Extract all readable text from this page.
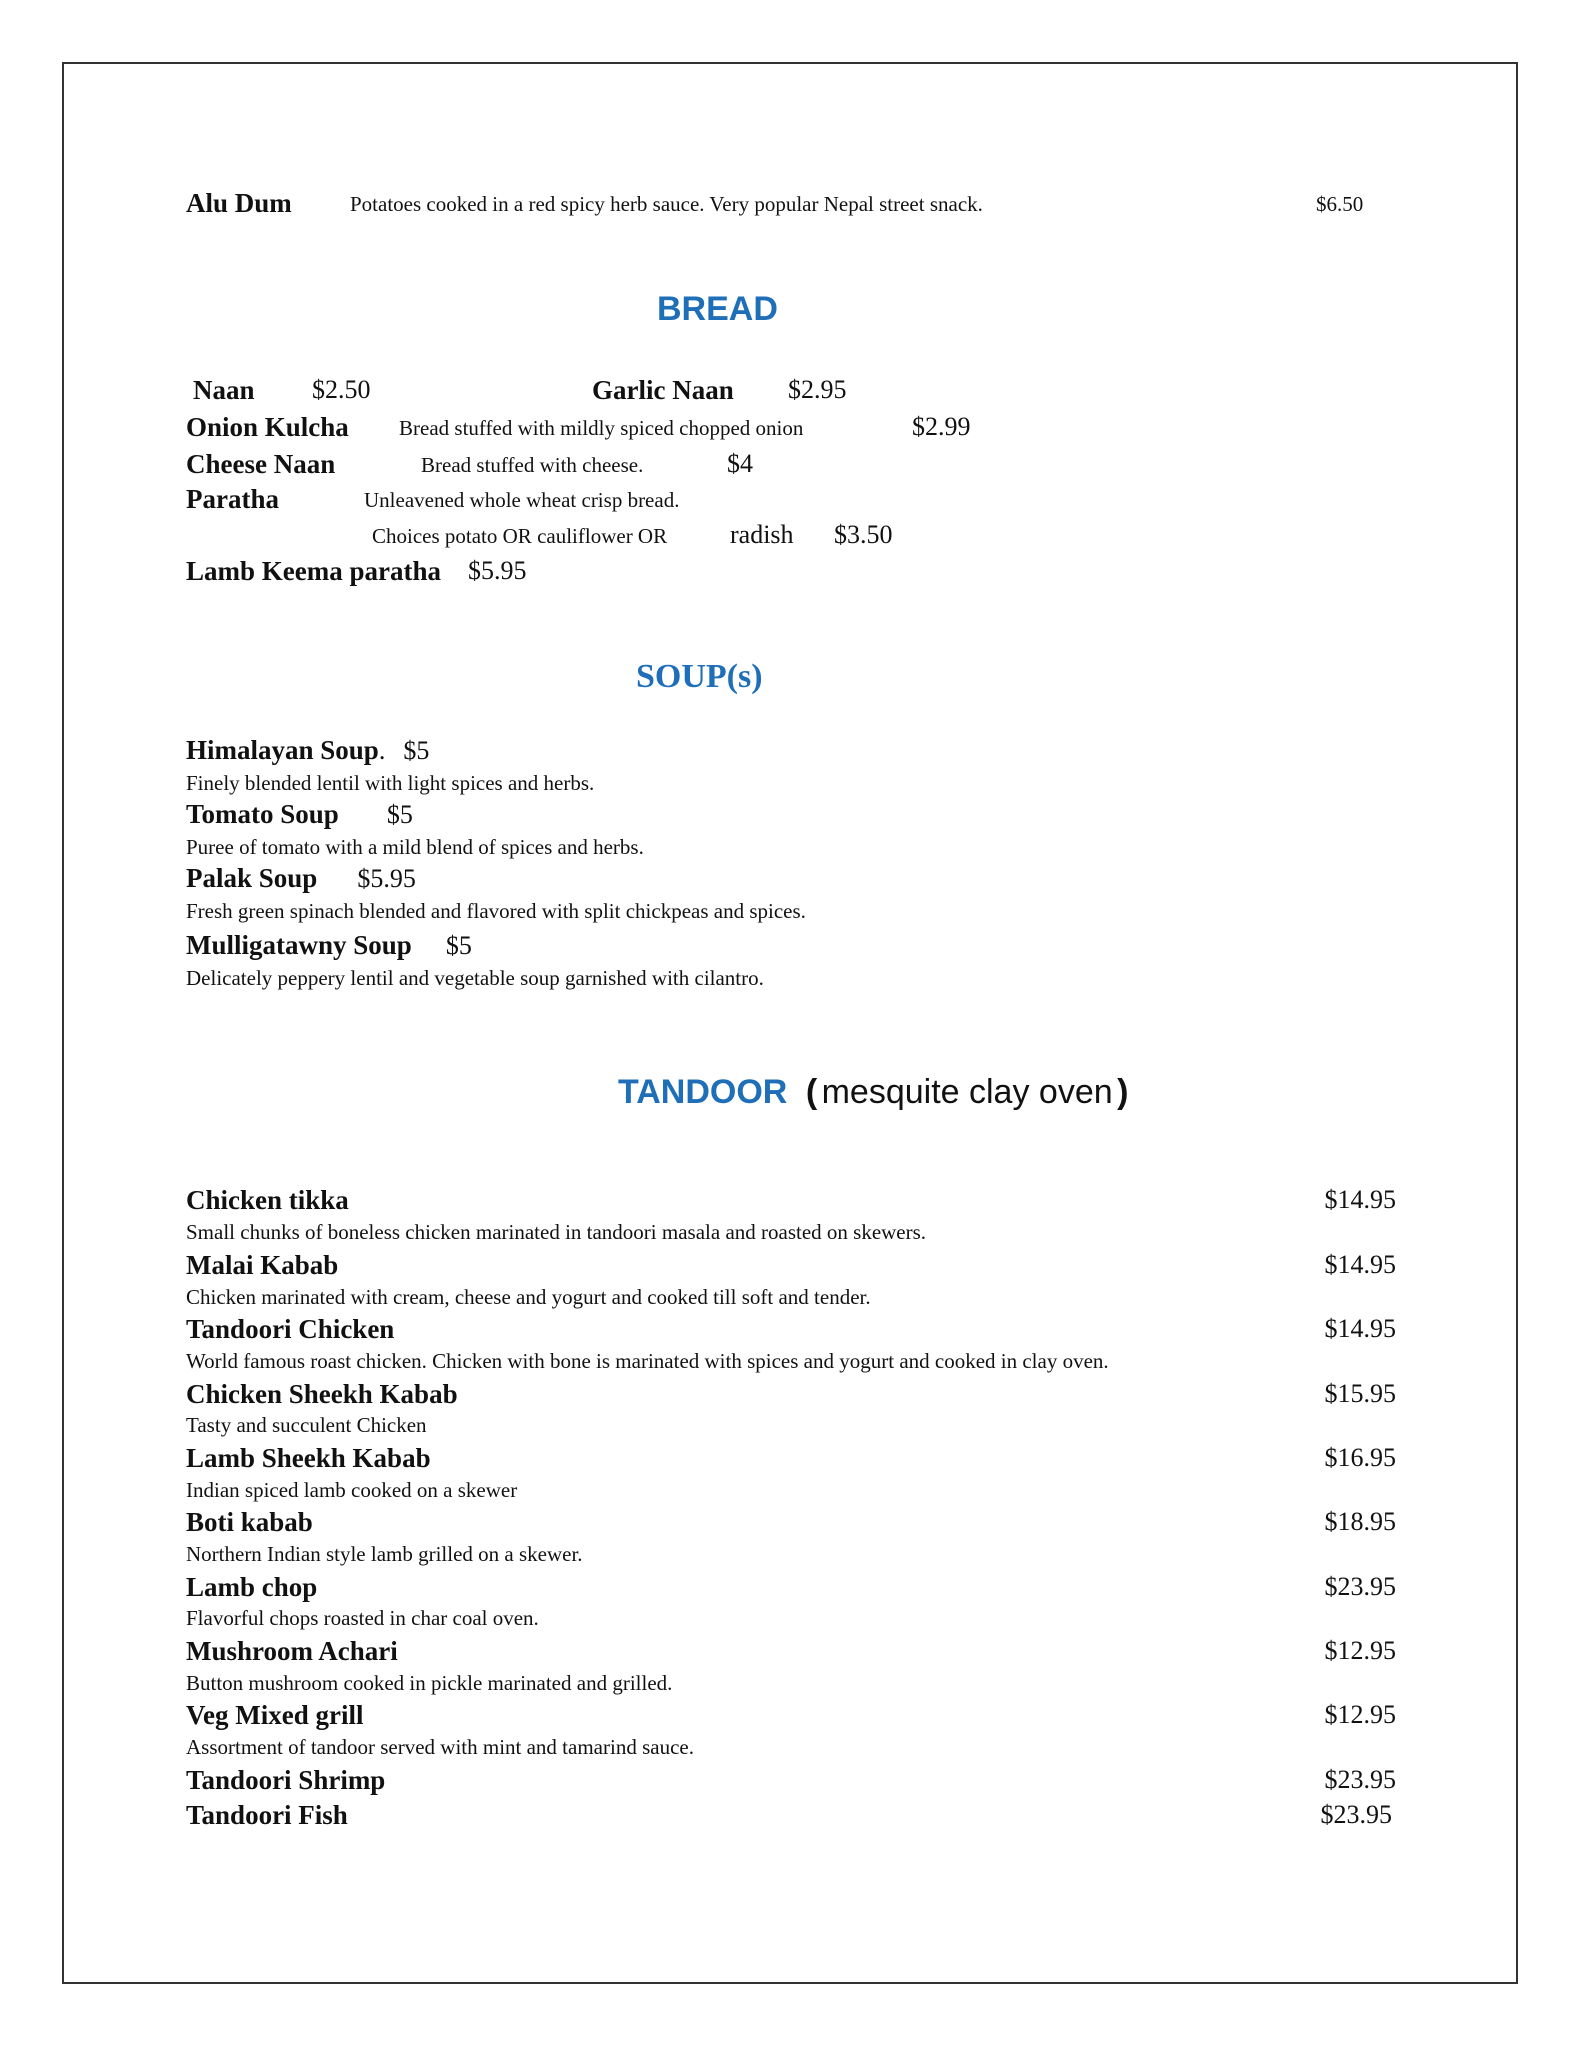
Alu Dum	Potatoes cooked in a red spicy herb sauce. Very popular Nepal street snack.	$6.50
BREAD
Naan $2.50	Garlic Naan $2.95
Onion Kulcha Bread stuffed with mildly spiced chopped onion	$2.99
Cheese Naan	Bread stuffed with cheese.	$4
Paratha	Unleavened whole wheat crisp bread.
Choices potato OR cauliflower OR radish $3.50
Lamb Keema paratha $5.95
SOUP(s)
Himalayan Soup. $5
Finely blended lentil with light spices and herbs.
Tomato Soup $5
Puree of tomato with a mild blend of spices and herbs.
Palak Soup $5.95
Fresh green spinach blended and flavored with split chickpeas and spices.
Mulligatawny Soup $5
Delicately peppery lentil and vegetable soup garnished with cilantro.
TANDOOR ( mesquite clay oven )
Chicken tikka	$14.95
Small chunks of boneless chicken marinated in tandoori masala and roasted on skewers.
Malai Kabab	$14.95
Chicken marinated with cream, cheese and yogurt and cooked till soft and tender.
Tandoori Chicken	$14.95
World famous roast chicken. Chicken with bone is marinated with spices and yogurt and cooked in clay oven.
Chicken Sheekh Kabab	$15.95
Tasty and succulent Chicken
Lamb Sheekh Kabab	$16.95
Indian spiced lamb cooked on a skewer
Boti kabab	$18.95
Northern Indian style lamb grilled on a skewer.
Lamb chop	$23.95
Flavorful chops roasted in char coal oven.
Mushroom Achari	$12.95
Button mushroom cooked in pickle marinated and grilled.
Veg Mixed grill	$12.95
Assortment of tandoor served with mint and tamarind sauce.
Tandoori Shrimp	$23.95
Tandoori Fish	$23.95
